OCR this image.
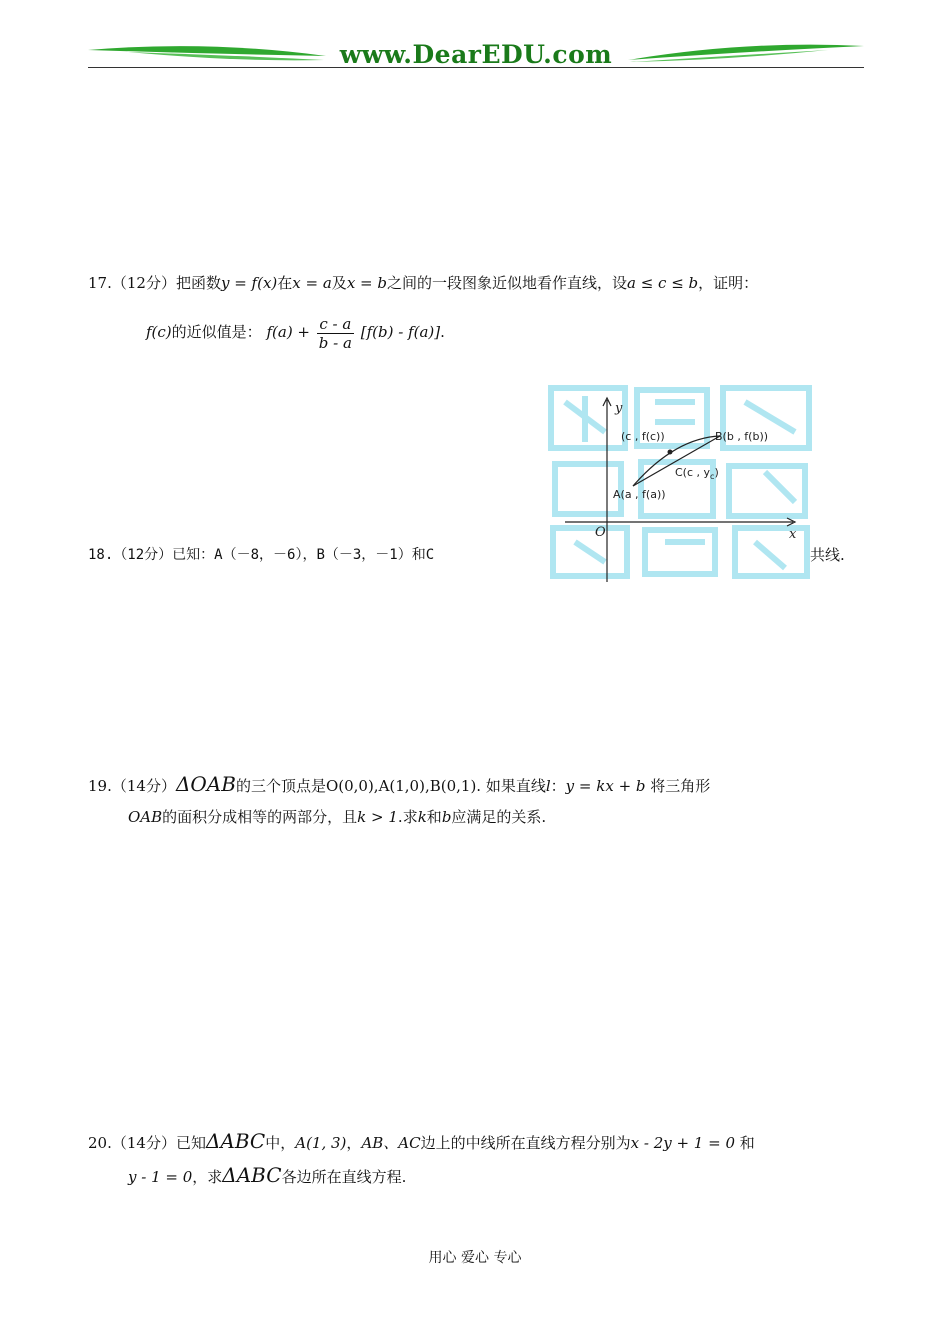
www.DearEDU.com
17.（12分）把函数y = f(x)在x = a及x = b之间的一段图象近似地看作直线，设a ≤ c ≤ b，证明：
f(c)的近似值是： $f(a) + \frac{c - a}{b - a} [f(b) - f(a)]$.
y
x
O
(c , f(c))	B(b , f(b))
C(c , $y_c$)
A(a , f(a))
18.（12分）已知：A（－8，－6），B（－3，－1）和C	共线.
19.（14分）ΔOAB的三个顶点是O(0,0),A(1,0),B(0,1). 如果直线l：y = kx + b 将三角形
OAB的面积分成相等的两部分，且k > 1.求k和b应满足的关系.
20.（14分）已知ΔABC中，A(1, 3)，AB、AC边上的中线所在直线方程分别为x - 2y + 1 = 0 和
y - 1 = 0，求ΔABC各边所在直线方程.
用心 爱心 专心
